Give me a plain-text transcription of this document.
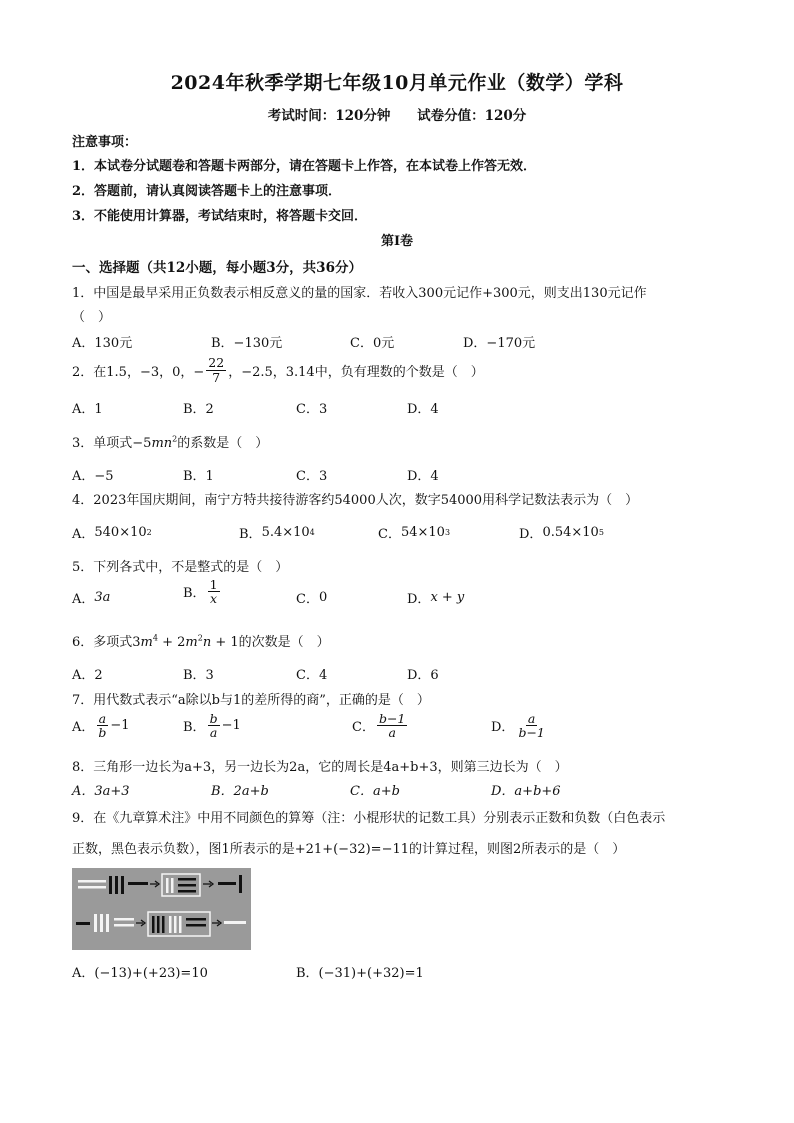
2024年秋季学期七年级10月单元作业（数学）学科
考试时间：120分钟 试卷分值：120分
注意事项：
1．本试卷分试题卷和答题卡两部分，请在答题卡上作答，在本试卷上作答无效．
2．答题前，请认真阅读答题卡上的注意事项．
3．不能使用计算器，考试结束时，将答题卡交回．
第Ⅰ卷
一、选择题（共12小题，每小题3分，共36分）
1．中国是最早采用正负数表示相反意义的量的国家．若收入300元记作+300元，则支出130元记作
（　）
A．130元	B．−130元	C．0元	D．−170元
2．在1.5，−3，0，− $\frac{22}{7}$ ，−2.5，3.14中，负有理数的个数是（　）
A．1	B．2	C．3	D．4
3．单项式$-5mn^2$的系数是（　）
A．−5	B．1	C．3	D．4
4．2023年国庆期间，南宁方特共接待游客约54000人次，数字54000用科学记数法表示为（　）
A． 540×10 2	B． 5.4×10 4	C． 54×10 3	D． 0.54×10 5
5．下列各式中，不是整式的是（　）
A． 3a	B． $\frac{1}{x}$	C． 0	D． x + y
6．多项式$3m^4 + 2m^2n + 1$的次数是（　）
A．2	B．3	C．4	D．6
7．用代数式表示“a除以b与1的差所得的商”，正确的是（　）
A． $\frac{a}{b} -1$	B． $\frac{b}{a} -1$	C． $\frac{b-1}{a}$	D． $\frac{a}{b-1}$
8．三角形一边长为a+3，另一边长为2a，它的周长是4a+b+3，则第三边长为（　）
A．3a+3	B．2a+b	C．a+b	D．a+b+6
9．在《九章算术注》中用不同颜色的算筹（注：小棍形状的记数工具）分别表示正数和负数（白色表示
正数，黑色表示负数），图1所表示的是+21+(−32)=−11的计算过程，则图2所表示的是（　）
A．(−13)+(+23)=10	B．(−31)+(+32)=1
